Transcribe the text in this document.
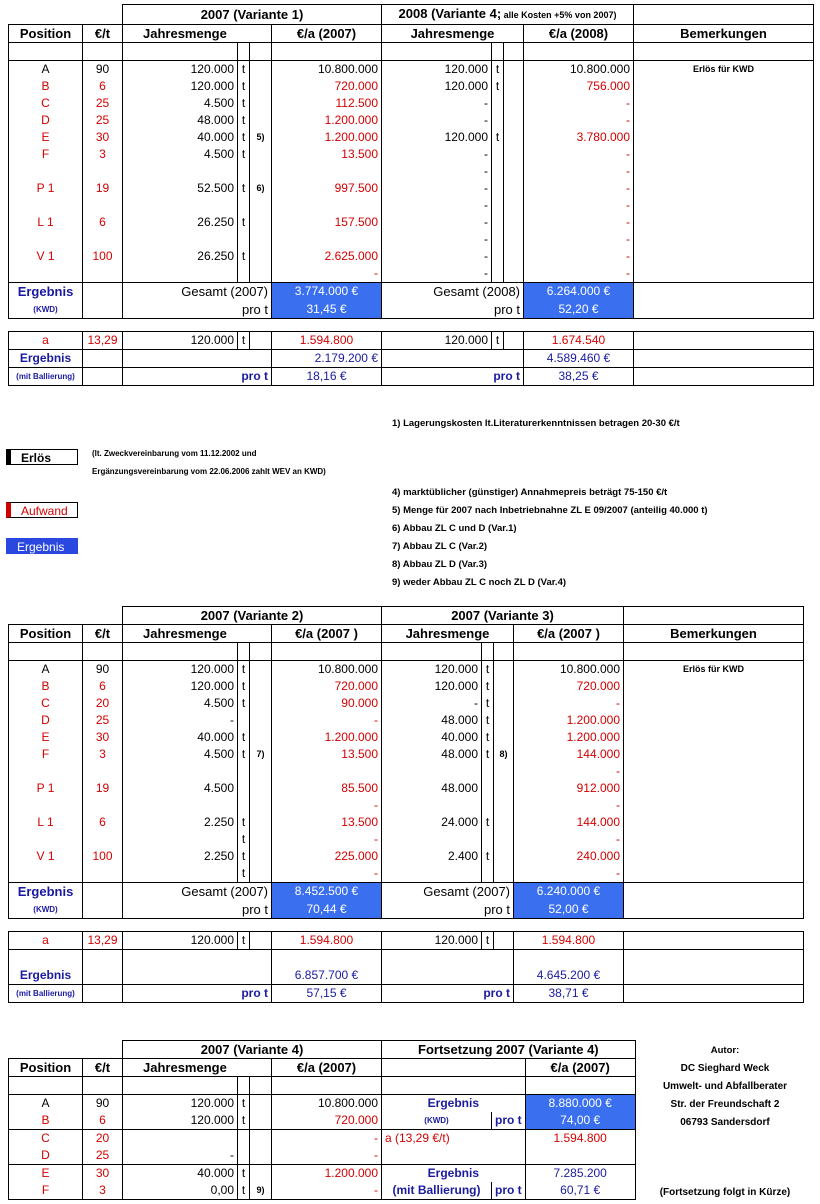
		2007 (Variante 1)				2008 (Variante 4; alle Kosten +5% von 2007)				
Position	€/t	Jahresmenge			€/a (2007)	Jahresmenge			€/a (2008)	Bemerkungen

A	90	120.000	t		10.800.000	120.000	t		10.800.000	Erlös für KWD
B	6	120.000	t		720.000	120.000	t		756.000	
C	25	4.500	t		112.500	-			-	
D	25	48.000	t		1.200.000	-			-	
E	30	40.000	t	5)	1.200.000	120.000	t		3.780.000	
F	3	4.500	t		13.500	-			-	
						-			-	
P 1	19	52.500	t	6)	997.500	-			-	
						-			-	
L 1	6	26.250	t		157.500	-			-	
						-			-	
V 1	100	26.250	t		2.625.000	-			-	
					-	-			-	
Ergebnis		Gesamt (2007)			3.774.000 €	Gesamt (2008)			6.264.000 €	
(KWD)		pro t			31,45 €	pro t			52,20 €	

a	13,29	120.000	t		1.594.800	120.000	t		1.674.540	
Ergebnis					2.179.200 €				4.589.460 €	
(mit Ballierung)		pro t			18,16 €	pro t			38,25 €	
1) Lagerungskosten lt.Literaturerkenntnissen betragen 20-30 €/t
Erlös	(lt. Zweckvereinbarung vom 11.12.2002 und
Ergänzungsvereinbarung vom 22.06.2006 zahlt WEV an KWD)
4) marktüblicher (günstiger) Annahmepreis beträgt 75-150 €/t
Aufwand	5) Menge für 2007 nach Inbetriebnahne ZL E 09/2007 (anteilig 40.000 t)
6) Abbau ZL C und D (Var.1)
Ergebnis	7) Abbau ZL C (Var.2)
8) Abbau ZL D (Var.3)
9) weder Abbau ZL C noch ZL D (Var.4)
		2007 (Variante 2)				2007 (Variante 3)				
Position	€/t	Jahresmenge			€/a (2007 )	Jahresmenge			€/a (2007 )	Bemerkungen

A	90	120.000	t		10.800.000	120.000	t		10.800.000	Erlös für KWD
B	6	120.000	t		720.000	120.000	t		720.000	
C	20	4.500	t		90.000	-	t		-	
D	25	-			-	48.000	t		1.200.000	
E	30	40.000	t		1.200.000	40.000	t		1.200.000	
F	3	4.500	t	7)	13.500	48.000	t	8)	144.000	
									-	
P 1	19	4.500			85.500	48.000			912.000	
					-				-	
L 1	6	2.250	t		13.500	24.000	t		144.000	
			t		-				-	
V 1	100	2.250	t		225.000	2.400	t		240.000	
			t		-				-	
Ergebnis		Gesamt (2007)			8.452.500 €	Gesamt (2007)			6.240.000 €	
(KWD)		pro t			70,44 €	pro t			52,00 €	

a	13,29	120.000	t		1.594.800	120.000	t		1.594.800	

Ergebnis					6.857.700 €				4.645.200 €	
(mit Ballierung)		pro t			57,15 €	pro t			38,71 €	
		2007 (Variante 4)				Fortsetzung 2007 (Variante 4)		
Position	€/t	Jahresmenge			€/a (2007)			€/a (2007)

A	90	120.000	t		10.800.000	Ergebnis		8.880.000 €
B	6	120.000	t		720.000	(KWD)	pro t	74,00 €
C	20				-	a (13,29 €/t)		1.594.800
D	25	-			-			
E	30	40.000	t		1.200.000	Ergebnis		7.285.200
F	3	0,00	t	9)	-	(mit Ballierung)	pro t	60,71 €
Autor:
DC Sieghard Weck
Umwelt- und Abfallberater
Str. der Freundschaft 2
06793 Sandersdorf
(Fortsetzung folgt in Kürze)
